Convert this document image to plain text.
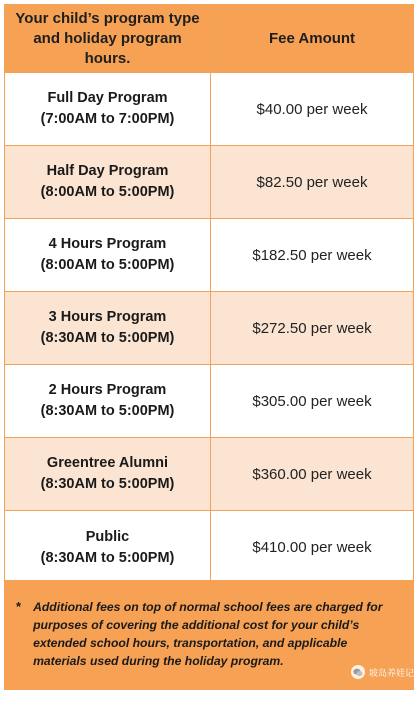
Your child’s program type and holiday program hours.
Fee Amount
Full Day Program
(7:00AM to 7:00PM)
$40.00 per week
Half Day Program
(8:00AM to 5:00PM)
$82.50 per week
4 Hours Program
(8:00AM to 5:00PM)
$182.50 per week
3 Hours Program
(8:30AM to 5:00PM)
$272.50 per week
2 Hours Program
(8:30AM to 5:00PM)
$305.00 per week
Greentree Alumni
(8:30AM to 5:00PM)
$360.00 per week
Public
(8:30AM to 5:00PM)
$410.00 per week
* Additional fees on top of normal school fees are charged for purposes of covering the additional cost for your child’s extended school hours, transportation, and applicable materials used during the holiday program.
坡岛养娃记
